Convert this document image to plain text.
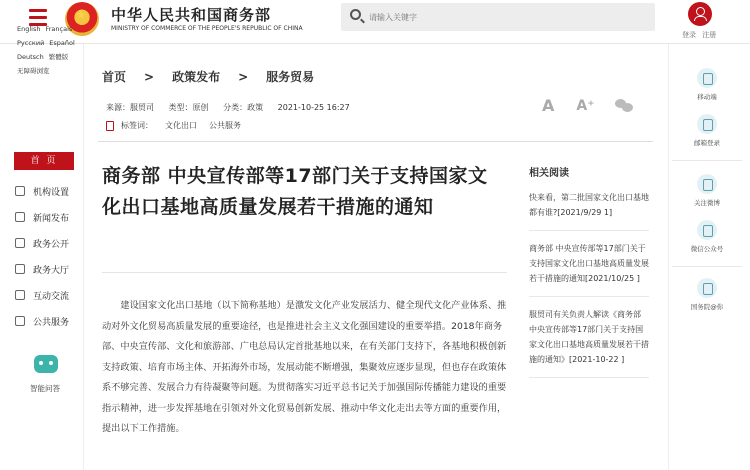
★
中华人民共和国商务部
MINISTRY OF COMMERCE OF THE PEOPLE'S REPUBLIC OF CHINA
请输入关键字
登录 注册
English Français
Pусский Español
Deutsch 繁體版
无障碍浏览
首 页
机构设置
新闻发布
政务公开
政务大厅
互动交流
公共服务
智能问答
首页 > 政策发布 > 服务贸易
来源：服贸司 类型：原创 分类：政策 2021-10-25 16:27
标签词： 文化出口 公共服务
A A⁺
商务部 中央宣传部等17部门关于支持国家文化出口基地高质量发展若干措施的通知
建设国家文化出口基地（以下简称基地）是激发文化产业发展活力、健全现代文化产业体系、推动对外文化贸易高质量发展的重要途径，也是推进社会主义文化强国建设的重要举措。2018年商务部、中央宣传部、文化和旅游部、广电总局认定首批基地以来，在有关部门支持下，各基地积极创新支持政策、培育市场主体、开拓海外市场，发展动能不断增强，集聚效应逐步显现，但也存在政策体系不够完善、发展合力有待凝聚等问题。为贯彻落实习近平总书记关于加强国际传播能力建设的重要指示精神，进一步发挥基地在引领对外文化贸易创新发展、推动中华文化走出去等方面的重要作用，提出以下工作措施。
相关阅读
快来看，第二批国家文化出口基地都有谁?[2021/9/29 1]
商务部 中央宣传部等17部门关于支持国家文化出口基地高质量发展若干措施的通知[2021/10/25 ]
服贸司有关负责人解读《商务部 中央宣传部等17部门关于支持国家文化出口基地高质量发展若干措施的通知》[2021-10-22 ]
移动端
邮箱登录
关注微博
微信公众号
国务院@你
